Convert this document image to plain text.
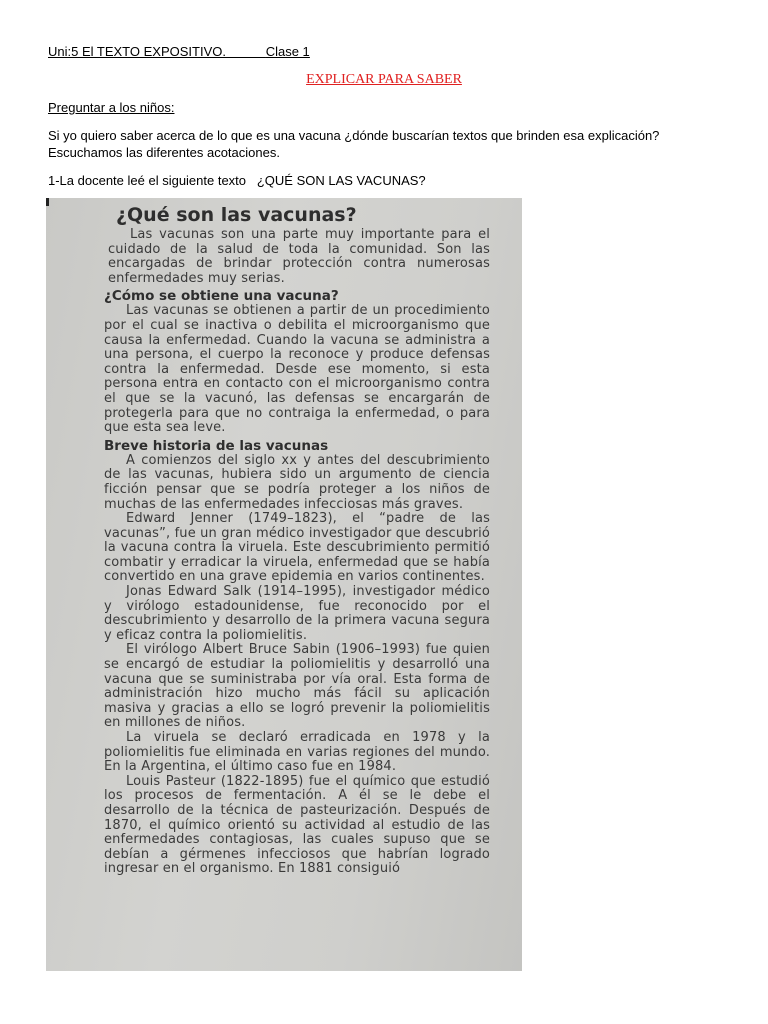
Uni:5 El TEXTO EXPOSITIVO.	Clase 1
EXPLICAR PARA SABER
Preguntar a los niños:
Si yo quiero saber acerca de lo que es una vacuna ¿dónde buscarían textos que brinden esa explicación? Escuchamos las diferentes acotaciones.
1-La docente leé el siguiente texto   ¿QUÉ SON LAS VACUNAS?
¿Qué son las vacunas?

Las vacunas son una parte muy importante para el cuidado de la salud de toda la comunidad. Son las encargadas de brindar protección contra numerosas enfermedades muy serias.

¿Cómo se obtiene una vacuna?

Las vacunas se obtienen a partir de un procedimiento por el cual se inactiva o debilita el microorganismo que causa la enfermedad. Cuando la vacuna se administra a una persona, el cuerpo la reconoce y produce defensas contra la enfermedad. Desde ese momento, si esta persona entra en contacto con el microorganismo contra el que se la vacunó, las defensas se encargarán de protegerla para que no contraiga la enfermedad, o para que esta sea leve.

Breve historia de las vacunas

A comienzos del siglo xx y antes del descubrimiento de las vacunas, hubiera sido un argumento de ciencia ficción pensar que se podría proteger a los niños de muchas de las enfermedades infecciosas más graves.

Edward Jenner (1749–1823), el “padre de las vacunas”, fue un gran médico investigador que descubrió la vacuna contra la viruela. Este descubrimiento permitió combatir y erradicar la viruela, enfermedad que se había convertido en una grave epidemia en varios continentes.

Jonas Edward Salk (1914–1995), investigador médico y virólogo estadounidense, fue reconocido por el descubrimiento y desarrollo de la primera vacuna segura y eficaz contra la poliomielitis.

El virólogo Albert Bruce Sabin (1906–1993) fue quien se encargó de estudiar la poliomielitis y desarrolló una vacuna que se suministraba por vía oral. Esta forma de administración hizo mucho más fácil su aplicación masiva y gracias a ello se logró prevenir la poliomielitis en millones de niños.

La viruela se declaró erradicada en 1978 y la poliomielitis fue eliminada en varias regiones del mundo. En la Argentina, el último caso fue en 1984.

Louis Pasteur (1822-1895) fue el químico que estudió los procesos de fermentación. A él se le debe el desarrollo de la técnica de pasteurización. Después de 1870, el químico orientó su actividad al estudio de las enfermedades contagiosas, las cuales supuso que se debían a gérmenes infecciosos que habrían logrado ingresar en el organismo. En 1881 consiguió
